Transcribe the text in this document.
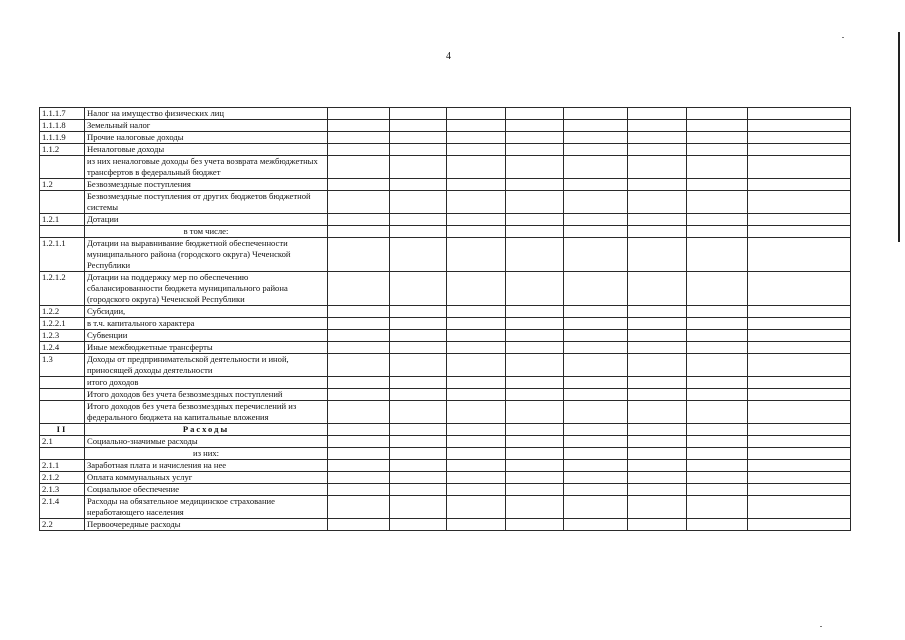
4
1.1.1.7	Налог на имущество физических лиц								
1.1.1.8	Земельный налог								
1.1.1.9	Прочие налоговые доходы								
1.1.2	Неналоговые доходы								
	из них неналоговые доходы без учета возврата межбюджетных трансфертов в федеральный бюджет								
1.2	Безвозмездные поступления								
	Безвозмездные поступления от других бюджетов бюджетной системы								
1.2.1	Дотации								
	в том числе:								
1.2.1.1	Дотации на выравнивание бюджетной обеспеченности муниципального района (городского округа) Чеченской Республики								
1.2.1.2	Дотации на поддержку мер по обеспечению сбалансированности бюджета муниципального района (городского округа) Чеченской Республики								
1.2.2	Субсидии,								
1.2.2.1	в т.ч. капитального характера								
1.2.3	Субвенции								
1.2.4	Иные межбюджетные трансферты								
1.3	Доходы от предпринимательской деятельности и иной, приносящей доходы деятельности								
	итого доходов								
	Итого доходов без учета безвозмездных поступлений								
	Итого доходов без учета безвозмездных перечислений из федерального бюджета на капитальные вложения								
II	Расходы								
2.1	Социально-значимые расходы								
	из них:								
2.1.1	Заработная плата и начисления на нее								
2.1.2	Оплата коммунальных услуг								
2.1.3	Социальное обеспечение								
2.1.4	Расходы на обязательное медицинское страхование неработающего населения								
2.2	Первоочередные расходы								
